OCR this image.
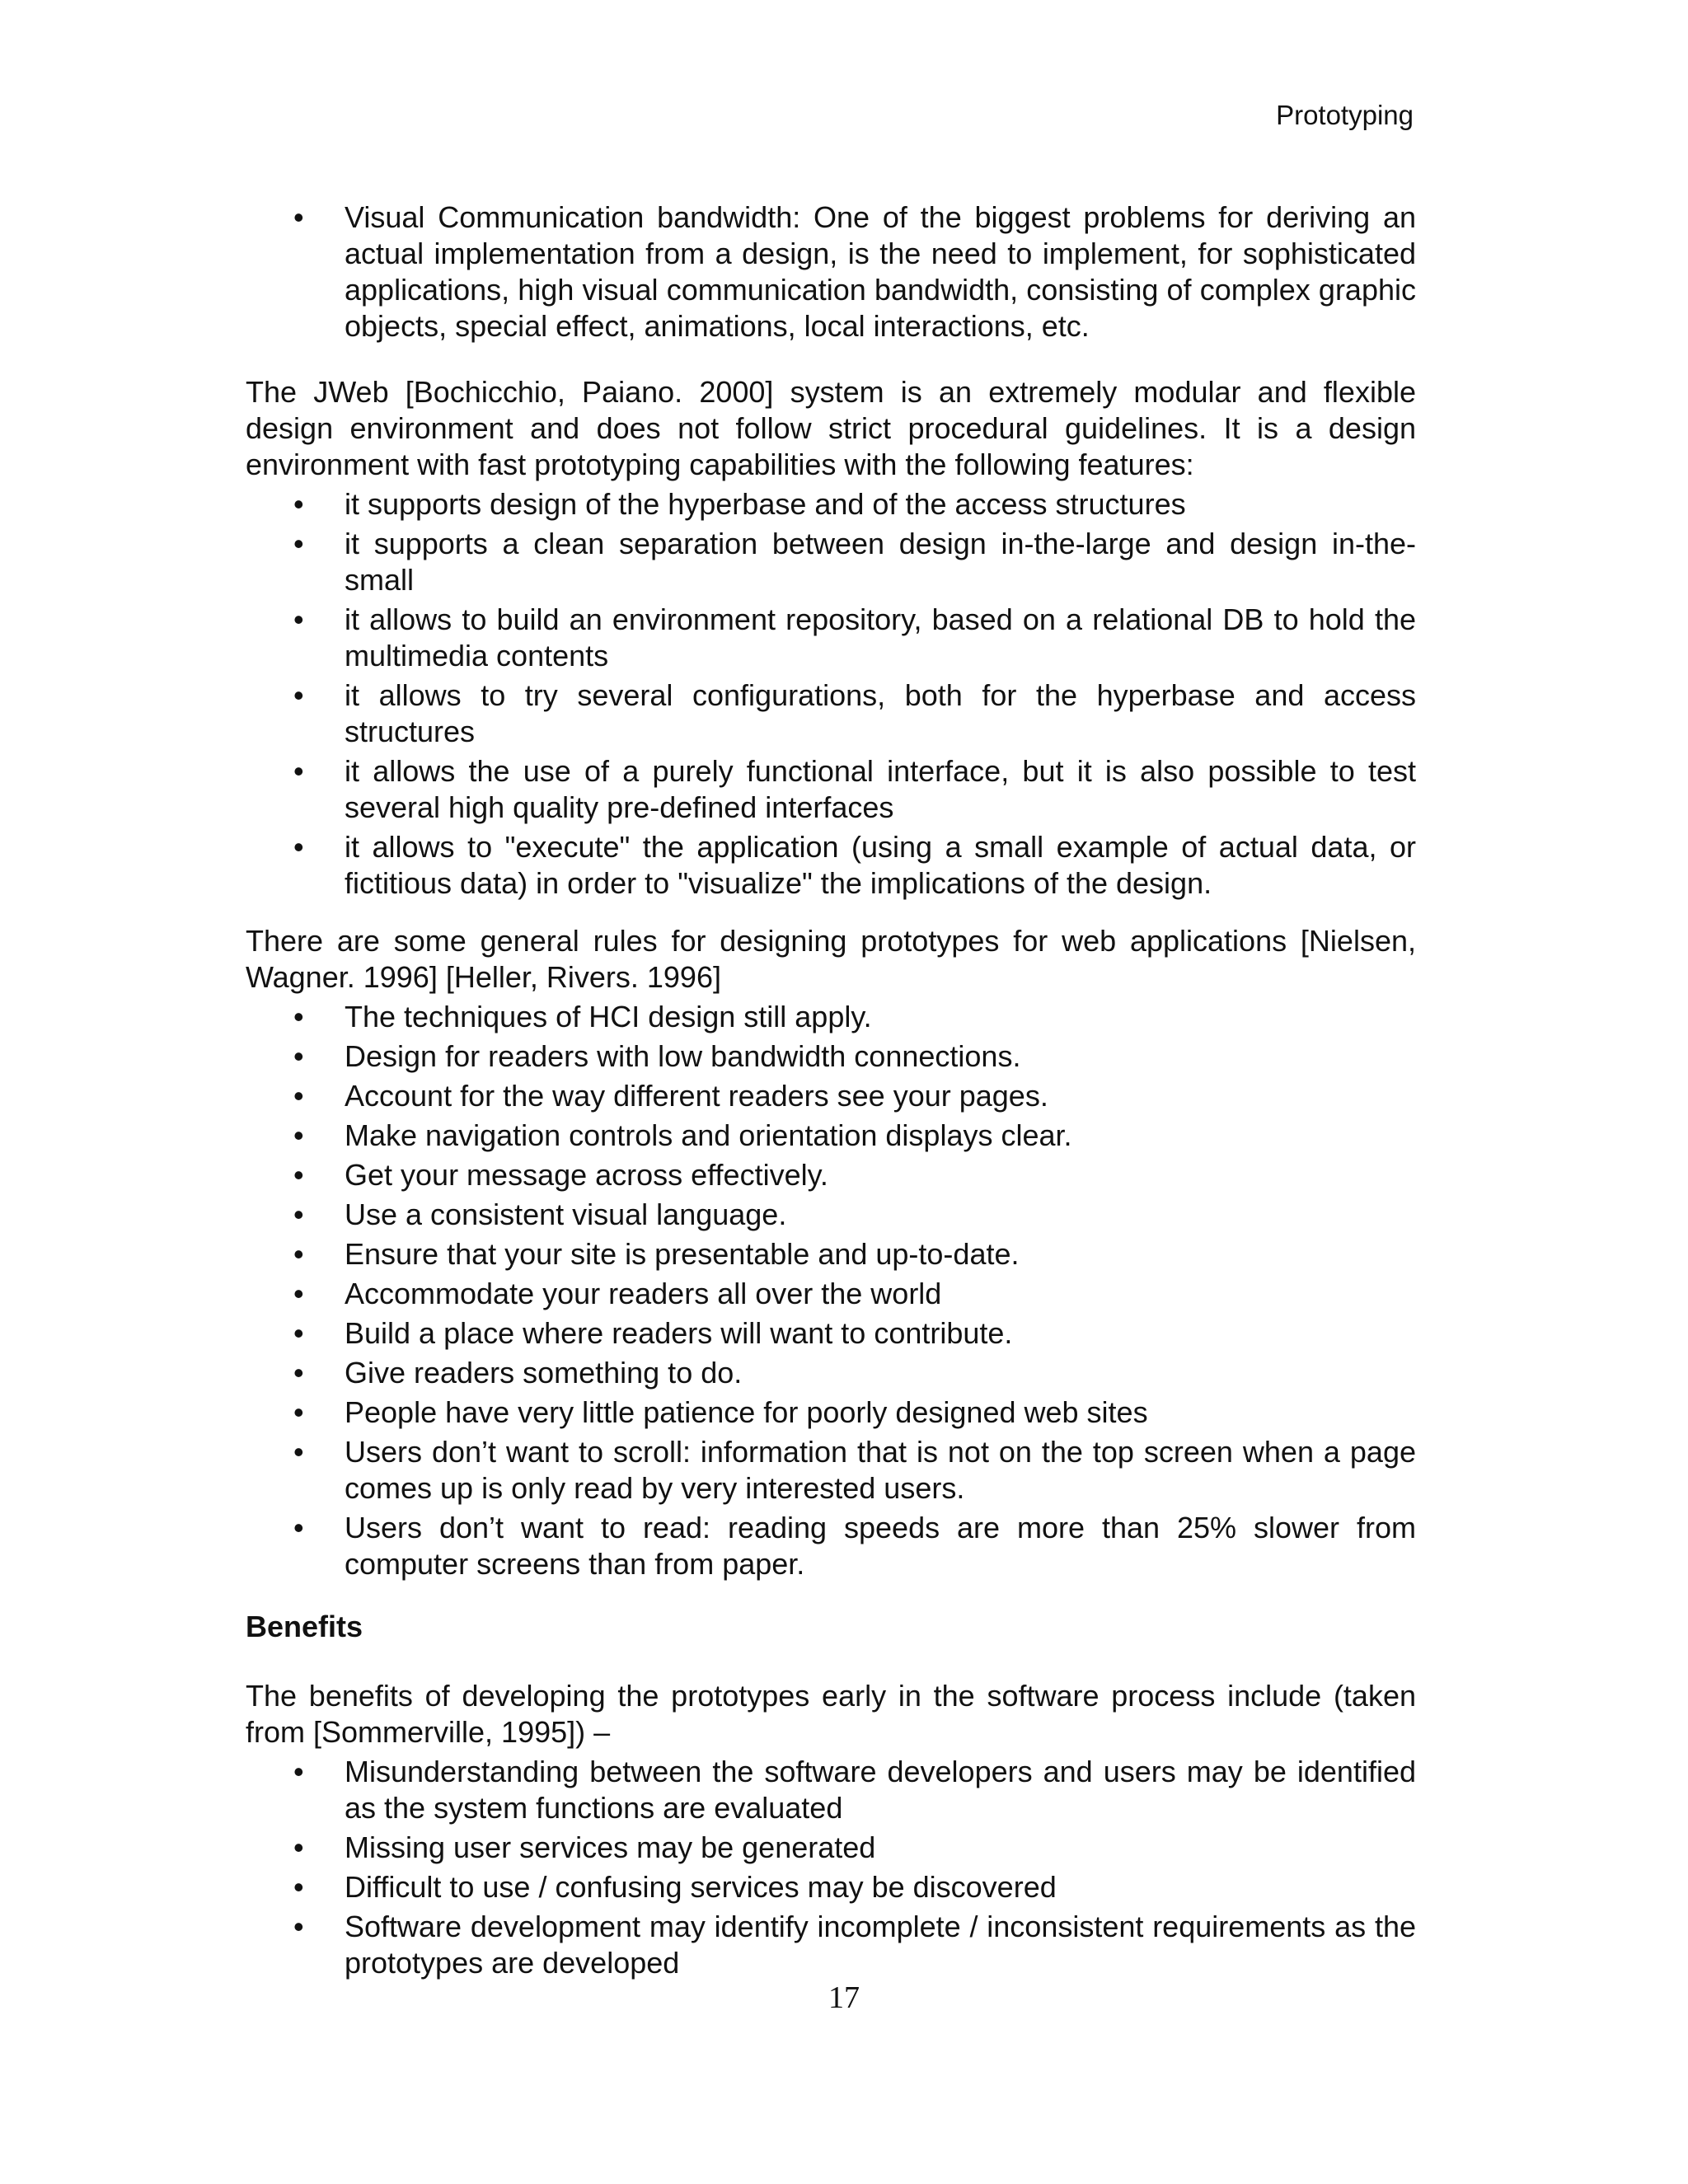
Prototyping
• Visual Communication bandwidth: One of the biggest problems for deriving an actual implementation from a design, is the need to implement, for sophisticated applications, high visual communication bandwidth, consisting of complex graphic objects, special effect, animations, local interactions, etc.

The JWeb [Bochicchio, Paiano. 2000] system is an extremely modular and flexible design environment and does not follow strict procedural guidelines. It is a design environment with fast prototyping capabilities with the following features:

• it supports design of the hyperbase and of the access structures
• it supports a clean separation between design in-the-large and design in-the-small
• it allows to build an environment repository, based on a relational DB to hold the multimedia contents
• it allows to try several configurations, both for the hyperbase and access structures
• it allows the use of a purely functional interface, but it is also possible to test several high quality pre-defined interfaces
• it allows to "execute" the application (using a small example of actual data, or fictitious data) in order to "visualize" the implications of the design.

There are some general rules for designing prototypes for web applications [Nielsen, Wagner. 1996] [Heller, Rivers. 1996]

• The techniques of HCI design still apply.
• Design for readers with low bandwidth connections.
• Account for the way different readers see your pages.
• Make navigation controls and orientation displays clear.
• Get your message across effectively.
• Use a consistent visual language.
• Ensure that your site is presentable and up-to-date.
• Accommodate your readers all over the world
• Build a place where readers will want to contribute.
• Give readers something to do.
• People have very little patience for poorly designed web sites
• Users don’t want to scroll: information that is not on the top screen when a page comes up is only read by very interested users.
• Users don’t want to read: reading speeds are more than 25% slower from computer screens than from paper.

Benefits

The benefits of developing the prototypes early in the software process include (taken from [Sommerville, 1995]) –

• Misunderstanding between the software developers and users may be identified as the system functions are evaluated
• Missing user services may be generated
• Difficult to use / confusing services may be discovered
• Software development may identify incomplete / inconsistent requirements as the prototypes are developed
17
